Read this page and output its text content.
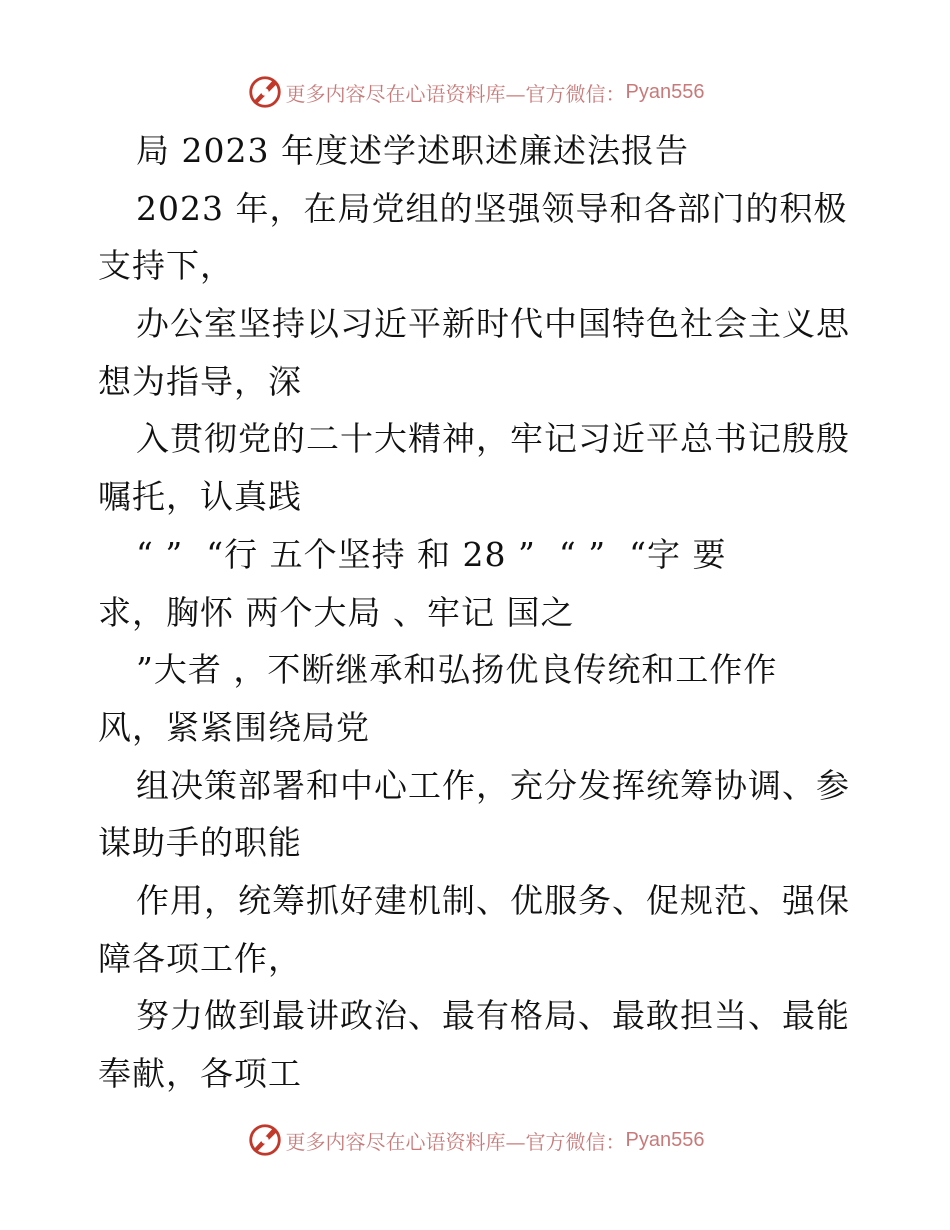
更多内容尽在心语资料库—官方微信： Pyan556
局 2023 年度述学述职述廉述法报告
2023 年，在局党组的坚强领导和各部门的积极
支持下，
办公室坚持以习近平新时代中国特色社会主义思
想为指导，深
入贯彻党的二十大精神，牢记习近平总书记殷殷
嘱托，认真践
“ ”  “行 五个坚持 和 28 ”  “ ”  “字 要
求，胸怀 两个大局 、牢记 国之
”大者 ，不断继承和弘扬优良传统和工作作
风，紧紧围绕局党
组决策部署和中心工作，充分发挥统筹协调、参
谋助手的职能
作用，统筹抓好建机制、优服务、促规范、强保
障各项工作，
努力做到最讲政治、最有格局、最敢担当、最能
奉献，各项工
更多内容尽在心语资料库—官方微信： Pyan556
